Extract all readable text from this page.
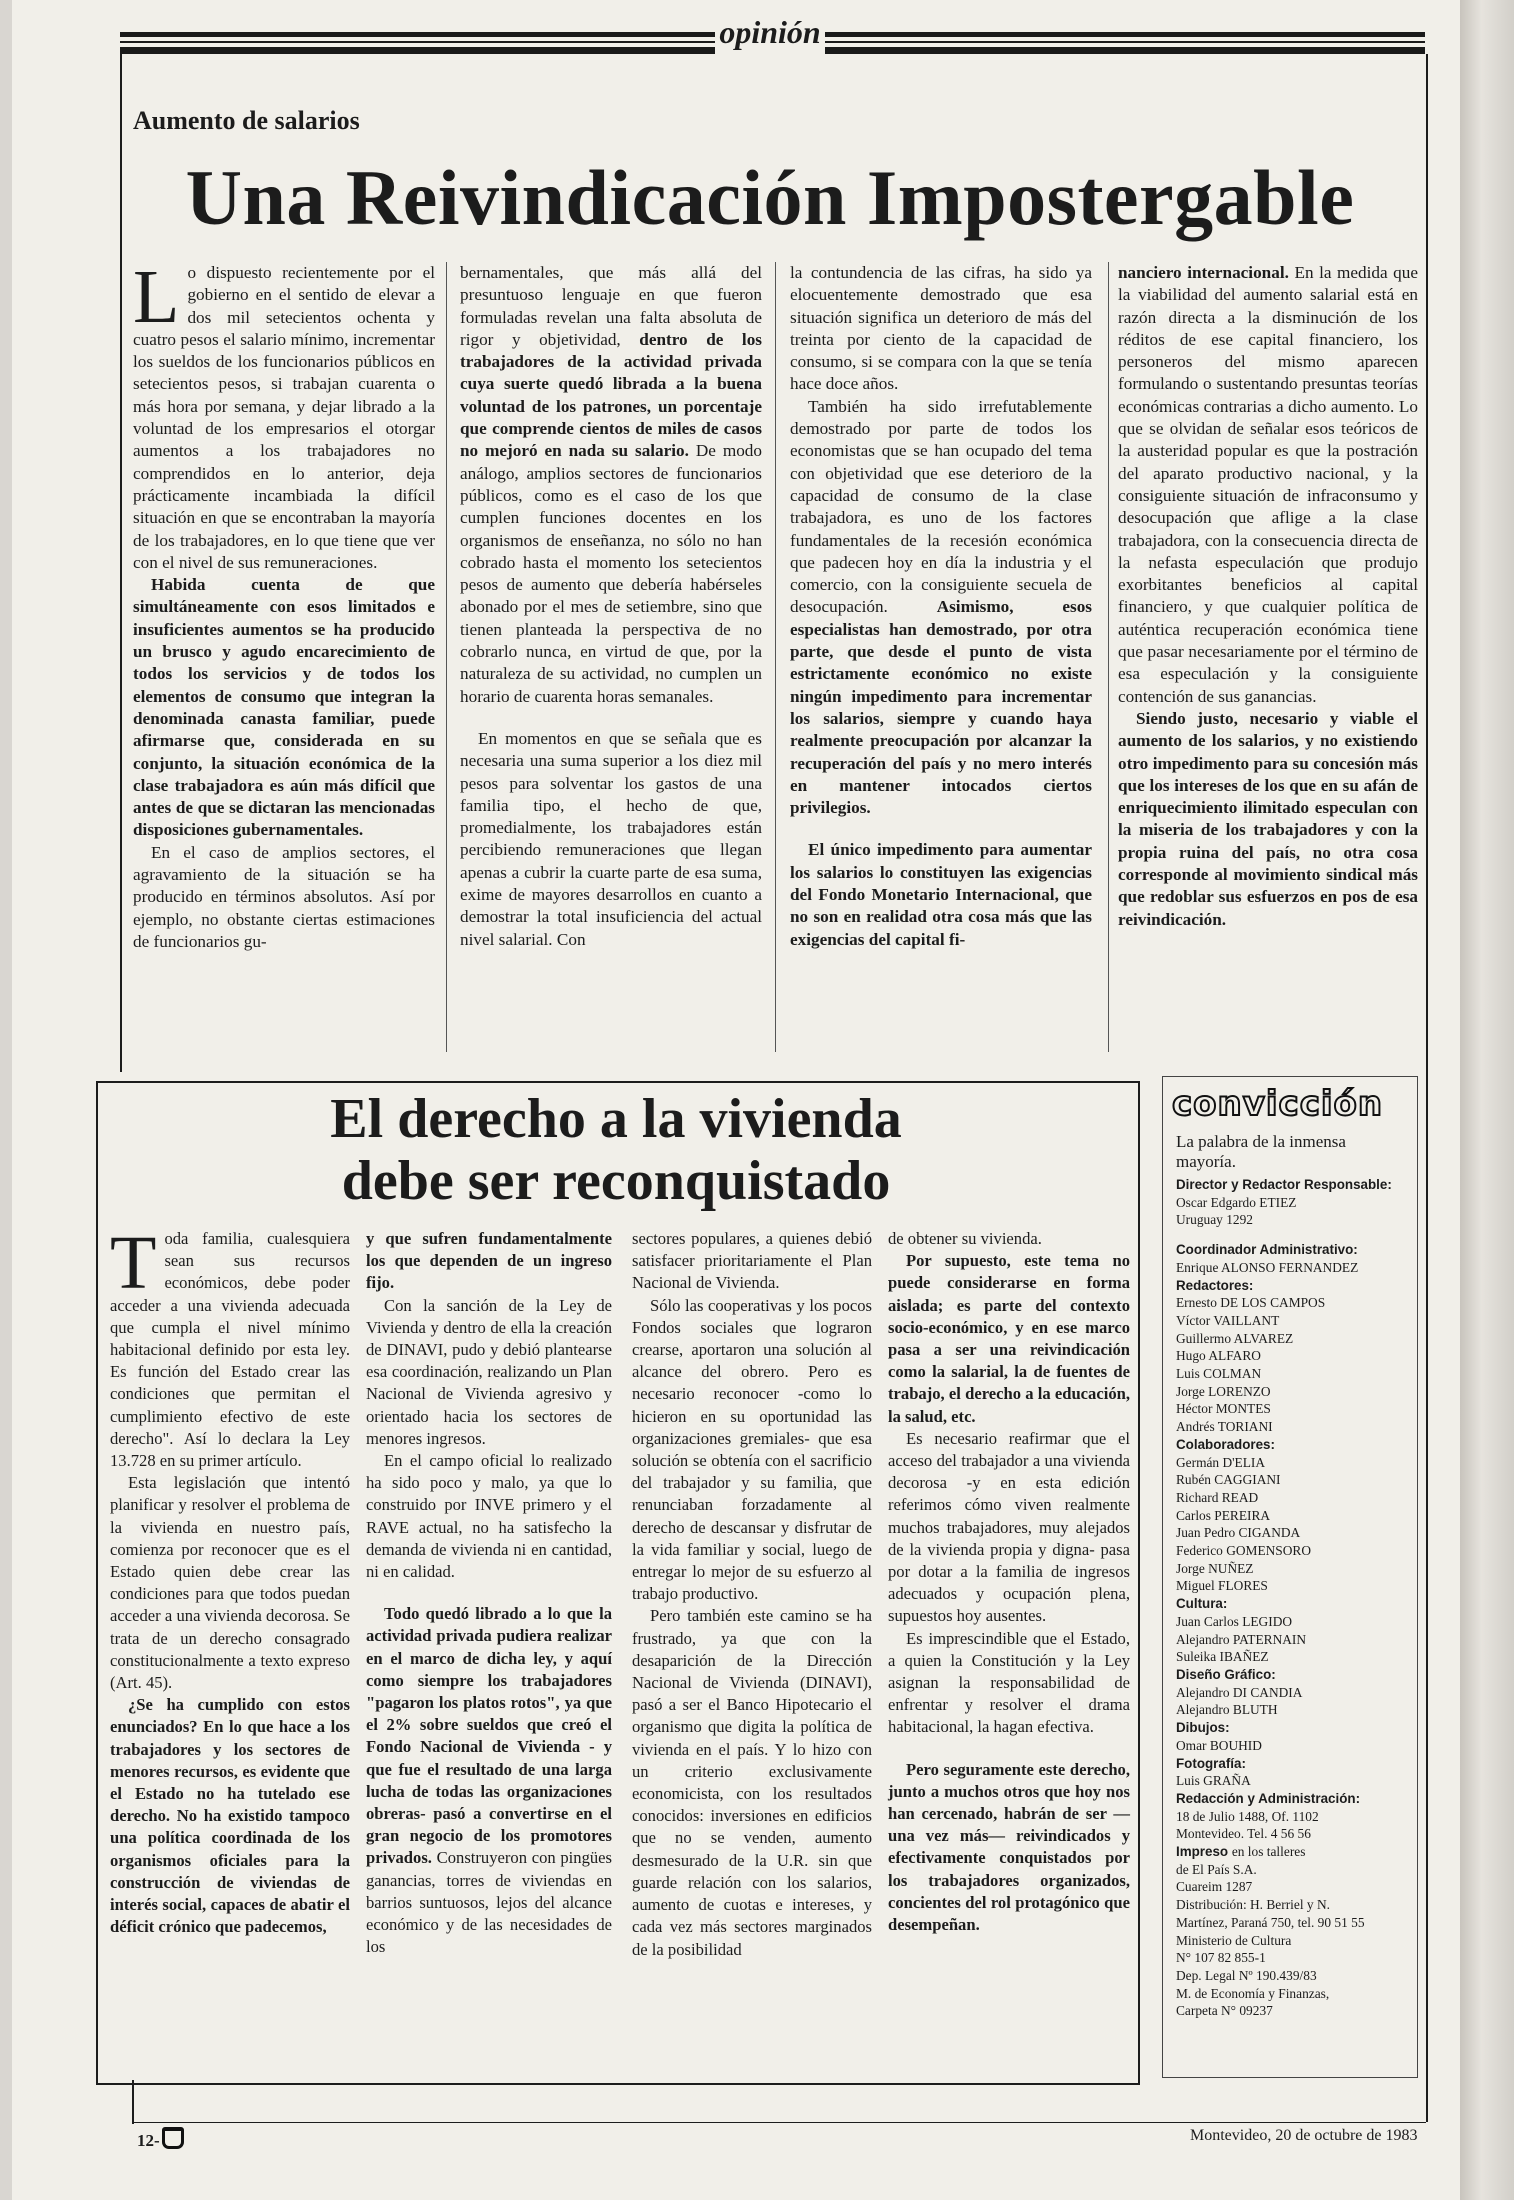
opinión
Aumento de salarios
Una Reivindicación Impostergable

Lo dispuesto recientemente por el gobierno en el sentido de elevar a dos mil setecientos ochenta y cuatro pesos el salario mínimo, incrementar los sueldos de los funcionarios públicos en setecientos pesos, si trabajan cuarenta o más hora por semana, y dejar librado a la voluntad de los empresarios el otorgar aumentos a los trabajadores no comprendidos en lo anterior, deja prácticamente incambiada la difícil situación en que se encontraban la mayoría de los trabajadores, en lo que tiene que ver con el nivel de sus remuneraciones.

Habida cuenta de que simultáneamente con esos limitados e insuficientes aumentos se ha producido un brusco y agudo encarecimiento de todos los servicios y de todos los elementos de consumo que integran la denominada canasta familiar, puede afirmarse que, considerada en su conjunto, la situación económica de la clase trabajadora es aún más difícil que antes de que se dictaran las mencionadas disposiciones gubernamentales.

En el caso de amplios sectores, el agravamiento de la situación se ha producido en términos absolutos. Así por ejemplo, no obstante ciertas estimaciones de funcionarios gu-

bernamentales, que más allá del presuntuoso lenguaje en que fueron formuladas revelan una falta absoluta de rigor y objetividad, dentro de los trabajadores de la actividad privada cuya suerte quedó librada a la buena voluntad de los patrones, un porcentaje que comprende cientos de miles de casos no mejoró en nada su salario. De modo análogo, amplios sectores de funcionarios públicos, como es el caso de los que cumplen funciones docentes en los organismos de enseñanza, no sólo no han cobrado hasta el momento los setecientos pesos de aumento que debería habérseles abonado por el mes de setiembre, sino que tienen planteada la perspectiva de no cobrarlo nunca, en virtud de que, por la naturaleza de su actividad, no cumplen un horario de cuarenta horas semanales.

En momentos en que se señala que es necesaria una suma superior a los diez mil pesos para solventar los gastos de una familia tipo, el hecho de que, promedialmente, los trabajadores están percibiendo remuneraciones que llegan apenas a cubrir la cuarte parte de esa suma, exime de mayores desarrollos en cuanto a demostrar la total insuficiencia del actual nivel salarial. Con

la contundencia de las cifras, ha sido ya elocuentemente demostrado que esa situación significa un deterioro de más del treinta por ciento de la capacidad de consumo, si se compara con la que se tenía hace doce años.

También ha sido irrefutablemente demostrado por parte de todos los economistas que se han ocupado del tema con objetividad que ese deterioro de la capacidad de consumo de la clase trabajadora, es uno de los factores fundamentales de la recesión económica que padecen hoy en día la industria y el comercio, con la consiguiente secuela de desocupación. Asimismo, esos especialistas han demostrado, por otra parte, que desde el punto de vista estrictamente económico no existe ningún impedimento para incrementar los salarios, siempre y cuando haya realmente preocupación por alcanzar la recuperación del país y no mero interés en mantener intocados ciertos privilegios.

El único impedimento para aumentar los salarios lo constituyen las exigencias del Fondo Monetario Internacional, que no son en realidad otra cosa más que las exigencias del capital fi-

nanciero internacional. En la medida que la viabilidad del aumento salarial está en razón directa a la disminución de los réditos de ese capital financiero, los personeros del mismo aparecen formulando o sustentando presuntas teorías económicas contrarias a dicho aumento. Lo que se olvidan de señalar esos teóricos de la austeridad popular es que la postración del aparato productivo nacional, y la consiguiente situación de infraconsumo y desocupación que aflige a la clase trabajadora, con la consecuencia directa de la nefasta especulación que produjo exorbitantes beneficios al capital financiero, y que cualquier política de auténtica recuperación económica tiene que pasar necesariamente por el término de esa especulación y la consiguiente contención de sus ganancias.

Siendo justo, necesario y viable el aumento de los salarios, y no existiendo otro impedimento para su concesión más que los intereses de los que en su afán de enriquecimiento ilimitado especulan con la miseria de los trabajadores y con la propia ruina del país, no otra cosa corresponde al movimiento sindical más que redoblar sus esfuerzos en pos de esa reivindicación.

El derecho a la vivienda
debe ser reconquistado

Toda familia, cualesquiera sean sus recursos económicos, debe poder acceder a una vivienda adecuada que cumpla el nivel mínimo habitacional definido por esta ley. Es función del Estado crear las condiciones que permitan el cumplimiento efectivo de este derecho". Así lo declara la Ley 13.728 en su primer artículo.

Esta legislación que intentó planificar y resolver el problema de la vivienda en nuestro país, comienza por reconocer que es el Estado quien debe crear las condiciones para que todos puedan acceder a una vivienda decorosa. Se trata de un derecho consagrado constitucionalmente a texto expreso (Art. 45).

¿Se ha cumplido con estos enunciados? En lo que hace a los trabajadores y los sectores de menores recursos, es evidente que el Estado no ha tutelado ese derecho. No ha existido tampoco una política coordinada de los organismos oficiales para la construcción de viviendas de interés social, capaces de abatir el déficit crónico que padecemos,

y que sufren fundamentalmente los que dependen de un ingreso fijo.

Con la sanción de la Ley de Vivienda y dentro de ella la creación de DINAVI, pudo y debió plantearse esa coordinación, realizando un Plan Nacional de Vivienda agresivo y orientado hacia los sectores de menores ingresos.

En el campo oficial lo realizado ha sido poco y malo, ya que lo construido por INVE primero y el RAVE actual, no ha satisfecho la demanda de vivienda ni en cantidad, ni en calidad.

Todo quedó librado a lo que la actividad privada pudiera realizar en el marco de dicha ley, y aquí como siempre los trabajadores "pagaron los platos rotos", ya que el 2% sobre sueldos que creó el Fondo Nacional de Vivienda - y que fue el resultado de una larga lucha de todas las organizaciones obreras- pasó a convertirse en el gran negocio de los promotores privados. Construyeron con pingües ganancias, torres de viviendas en barrios suntuosos, lejos del alcance económico y de las necesidades de los

sectores populares, a quienes debió satisfacer prioritariamente el Plan Nacional de Vivienda.

Sólo las cooperativas y los pocos Fondos sociales que lograron crearse, aportaron una solución al alcance del obrero. Pero es necesario reconocer -como lo hicieron en su oportunidad las organizaciones gremiales- que esa solución se obtenía con el sacrificio del trabajador y su familia, que renunciaban forzadamente al derecho de descansar y disfrutar de la vida familiar y social, luego de entregar lo mejor de su esfuerzo al trabajo productivo.

Pero también este camino se ha frustrado, ya que con la desaparición de la Dirección Nacional de Vivienda (DINAVI), pasó a ser el Banco Hipotecario el organismo que digita la política de vivienda en el país. Y lo hizo con un criterio exclusivamente economicista, con los resultados conocidos: inversiones en edificios que no se venden, aumento desmesurado de la U.R. sin que guarde relación con los salarios, aumento de cuotas e intereses, y cada vez más sectores marginados de la posibilidad

de obtener su vivienda.

Por supuesto, este tema no puede considerarse en forma aislada; es parte del contexto socio-económico, y en ese marco pasa a ser una reivindicación como la salarial, la de fuentes de trabajo, el derecho a la educación, la salud, etc.

Es necesario reafirmar que el acceso del trabajador a una vivienda decorosa -y en esta edición referimos cómo viven realmente muchos trabajadores, muy alejados de la vivienda propia y digna- pasa por dotar a la familia de ingresos adecuados y ocupación plena, supuestos hoy ausentes.

Es imprescindible que el Estado, a quien la Constitución y la Ley asignan la responsabilidad de enfrentar y resolver el drama habitacional, la hagan efectiva.

Pero seguramente este derecho, junto a muchos otros que hoy nos han cercenado, habrán de ser —una vez más— reivindicados y efectivamente conquistados por los trabajadores organizados, concientes del rol protagónico que desempeñan.

convicción
La palabra de la inmensa mayoría.
Director y Redactor Responsable:
Oscar Edgardo ETIEZ
Uruguay 1292
Coordinador Administrativo:
Enrique ALONSO FERNANDEZ
Redactores:
Ernesto DE LOS CAMPOS
Víctor VAILLANT
Guillermo ALVAREZ
Hugo ALFARO
Luis COLMAN
Jorge LORENZO
Héctor MONTES
Andrés TORIANI
Colaboradores:
Germán D'ELIA
Rubén CAGGIANI
Richard READ
Carlos PEREIRA
Juan Pedro CIGANDA
Federico GOMENSORO
Jorge NUÑEZ
Miguel FLORES
Cultura:
Juan Carlos LEGIDO
Alejandro PATERNAIN
Suleika IBAÑEZ
Diseño Gráfico:
Alejandro DI CANDIA
Alejandro BLUTH
Dibujos:
Omar BOUHID
Fotografía:
Luis GRAÑA
Redacción y Administración:
18 de Julio 1488, Of. 1102
Montevideo. Tel. 4 56 56
Impreso en los talleres
de El País S.A.
Cuareim 1287
Distribución: H. Berriel y N.
Martínez, Paraná 750, tel. 90 51 55
Ministerio de Cultura
N° 107 82 855-1
Dep. Legal Nº 190.439/83
M. de Economía y Finanzas,
Carpeta N° 09237
12-	Montevideo, 20 de octubre de 1983
